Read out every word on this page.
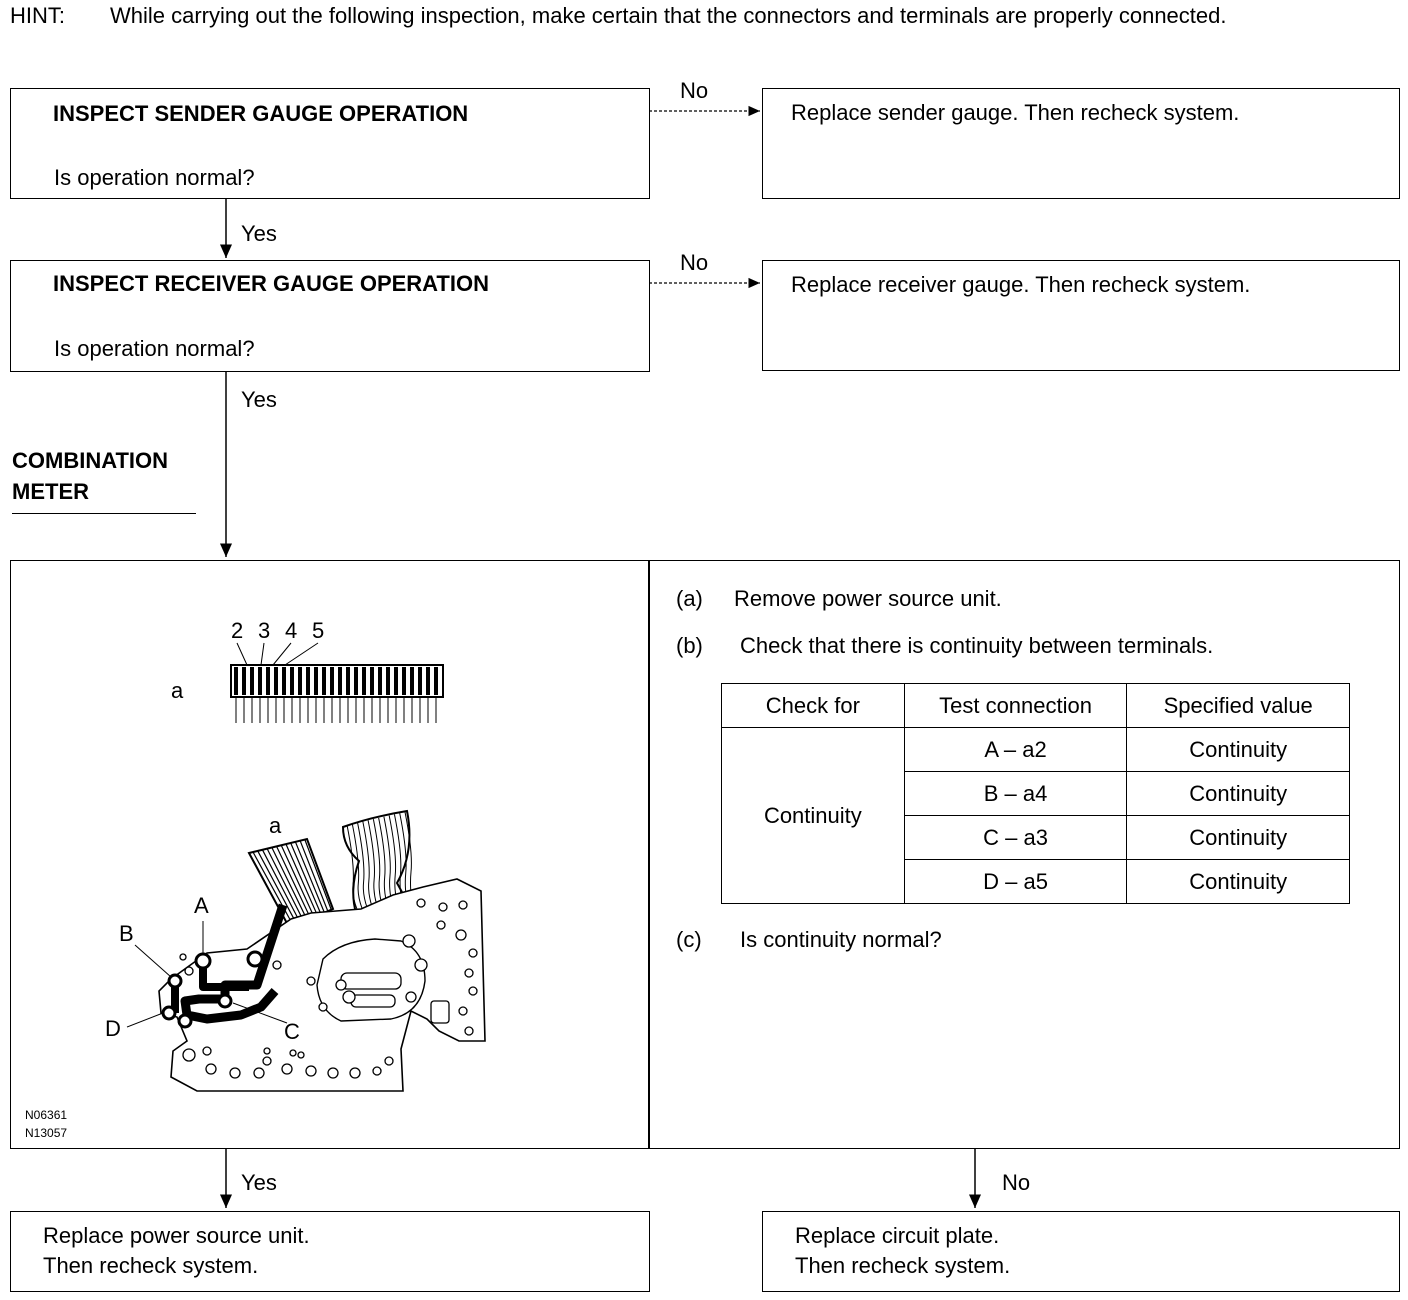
HINT: While carrying out the following inspection, make certain that the connectors and terminals are properly connected.
INSPECT SENDER GAUGE OPERATION
Is operation normal?
No
Replace sender gauge. Then recheck system.
Yes
INSPECT RECEIVER GAUGE OPERATION
Is operation normal?
No
Replace receiver gauge. Then recheck system.
Yes
COMBINATION
METER
2 3 4 5
a
a
A
B
C
D
N06361
N13057
(a) Remove power source unit.
(b) Check that there is continuity between terminals.
Check for	Test connection	Specified value
Continuity	A – a2	Continuity
	B – a4	Continuity
	C – a3	Continuity
	D – a5	Continuity
(c) Is continuity normal?
Yes	No
Replace power source unit.
Then recheck system.
Replace circuit plate.
Then recheck system.
